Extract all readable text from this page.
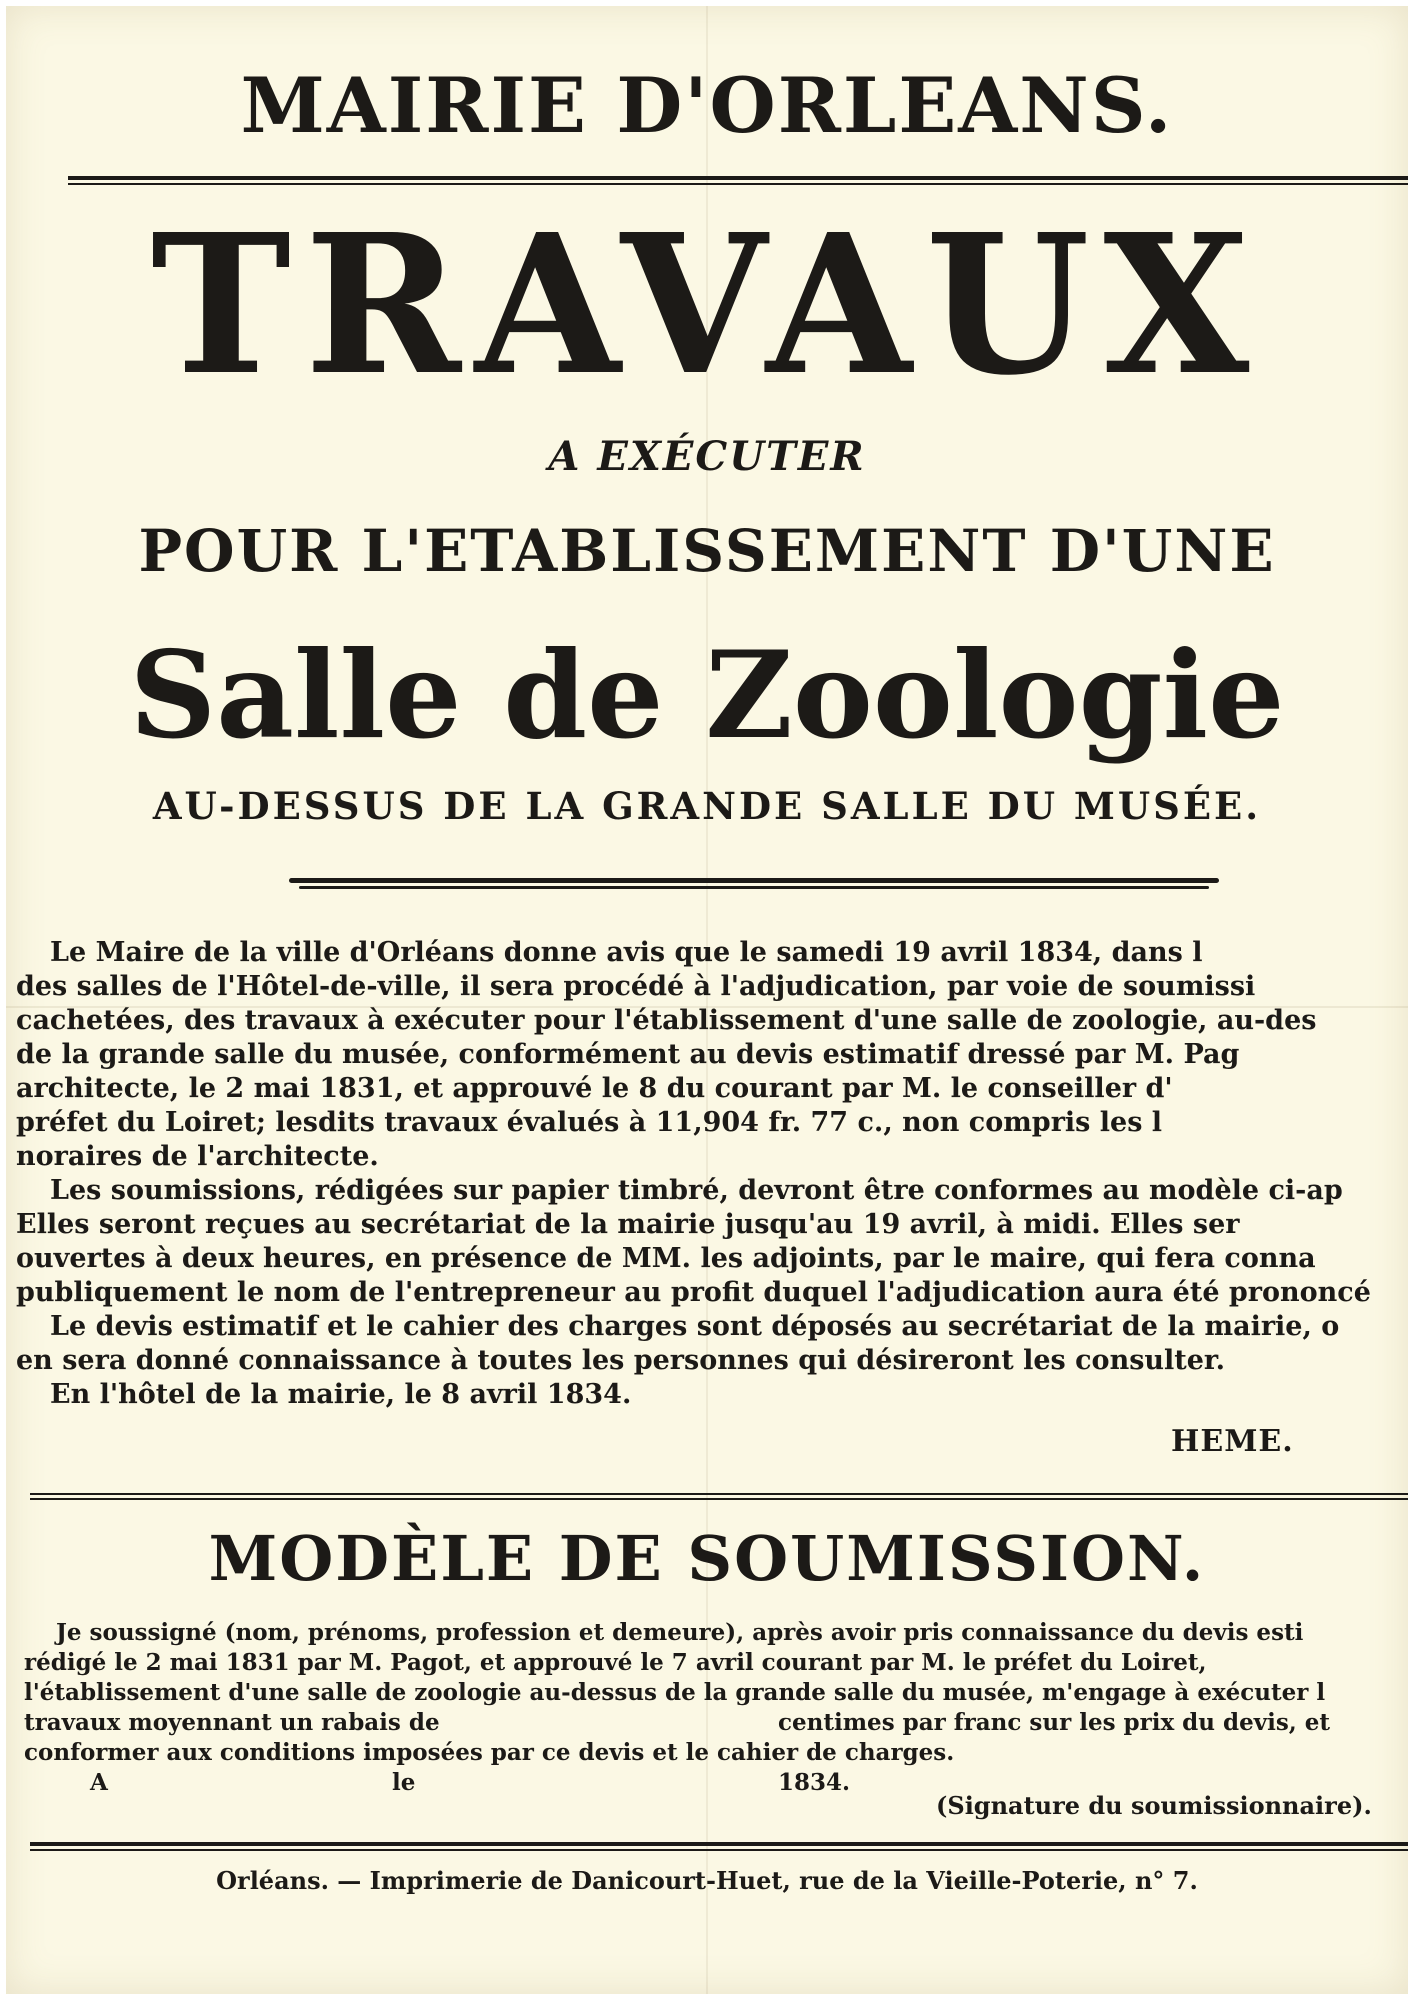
MAIRIE D'ORLEANS.
TRAVAUX
A EXÉCUTER
POUR L'ETABLISSEMENT D'UNE
Salle de Zoologie
AU-DESSUS DE LA GRANDE SALLE DU MUSÉE.
Le Maire de la ville d'Orléans donne avis que le samedi 19 avril 1834, dans l
des salles de l'Hôtel-de-ville, il sera procédé à l'adjudication, par voie de soumissi
cachetées, des travaux à exécuter pour l'établissement d'une salle de zoologie, au-des
de la grande salle du musée, conformément au devis estimatif dressé par M. Pag
architecte, le 2 mai 1831, et approuvé le 8 du courant par M. le conseiller d'
préfet du Loiret; lesdits travaux évalués à 11,904 fr. 77 c., non compris les l
noraires de l'architecte.
Les soumissions, rédigées sur papier timbré, devront être conformes au modèle ci-ap
Elles seront reçues au secrétariat de la mairie jusqu'au 19 avril, à midi. Elles ser
ouvertes à deux heures, en présence de MM. les adjoints, par le maire, qui fera conna
publiquement le nom de l'entrepreneur au profit duquel l'adjudication aura été prononcé
Le devis estimatif et le cahier des charges sont déposés au secrétariat de la mairie, o
en sera donné connaissance à toutes les personnes qui désireront les consulter.
En l'hôtel de la mairie, le 8 avril 1834.
HEME.
MODÈLE DE SOUMISSION.
Je soussigné (nom, prénoms, profession et demeure), après avoir pris connaissance du devis esti
rédigé le 2 mai 1831 par M. Pagot, et approuvé le 7 avril courant par M. le préfet du Loiret,
l'établissement d'une salle de zoologie au-dessus de la grande salle du musée, m'engage à exécuter l
travaux moyennant un rabais de	centimes par franc sur les prix du devis, et
conformer aux conditions imposées par ce devis et le cahier de charges.
A	le	1834.
(Signature du soumissionnaire).
Orléans. — Imprimerie de Danicourt-Huet, rue de la Vieille-Poterie, n° 7.
